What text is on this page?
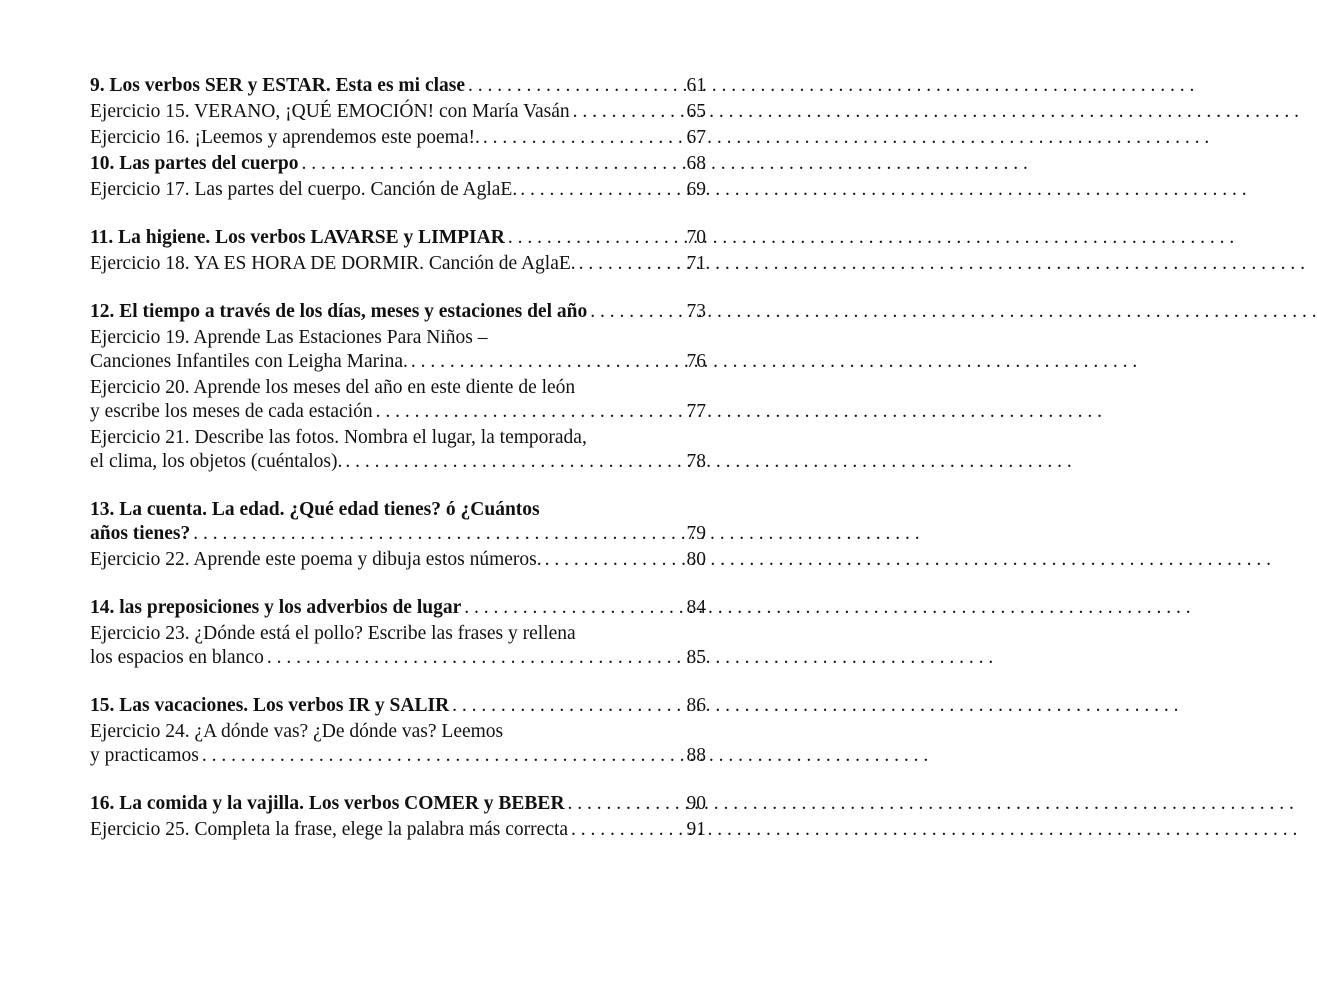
9. Los verbos SER y ESTAR. Esta es mi clase . . .	61
Ejercicio 15. VERANO, ¡QUÉ EMOCIÓN! con María Vasán . . .	65
Ejercicio 16. ¡Leemos y aprendemos este poema!. . . .	67
10. Las partes del cuerpo . . .	68
Ejercicio 17. Las partes del cuerpo. Canción de AglaE. . . .	69
11. La higiene. Los verbos LAVARSE y LIMPIAR . . .	70
Ejercicio 18. YA ES HORA DE DORMIR. Canción de AglaE. . . .	71
12. El tiempo a través de los días, meses y estaciones del año . . .	73
Ejercicio 19. Aprende Las Estaciones Para Niños –
Canciones Infantiles con Leigha Marina. . . .	76
Ejercicio 20. Aprende los meses del año en este diente de león
y escribe los meses de cada estación . . .	77
Ejercicio 21. Describe las fotos. Nombra el lugar, la temporada,
el clima, los objetos (cuéntalos). . . .	78
13. La cuenta. La edad. ¿Qué edad tienes? ó ¿Cuántos
años tienes? . . .	79
Ejercicio 22. Aprende este poema y dibuja estos números. . . .	80
14. las preposiciones y los adverbios de lugar . . .	84
Ejercicio 23. ¿Dónde está el pollo? Escribe las frases y rellena
los espacios en blanco . . .	85
15. Las vacaciones. Los verbos IR y SALIR . . .	86
Ejercicio 24. ¿A dónde vas? ¿De dónde vas? Leemos
y practicamos . . .	88
16. La comida y la vajilla. Los verbos COMER y BEBER . . .	90
Ejercicio 25. Completa la frase, elege la palabra más correcta . . .	91
